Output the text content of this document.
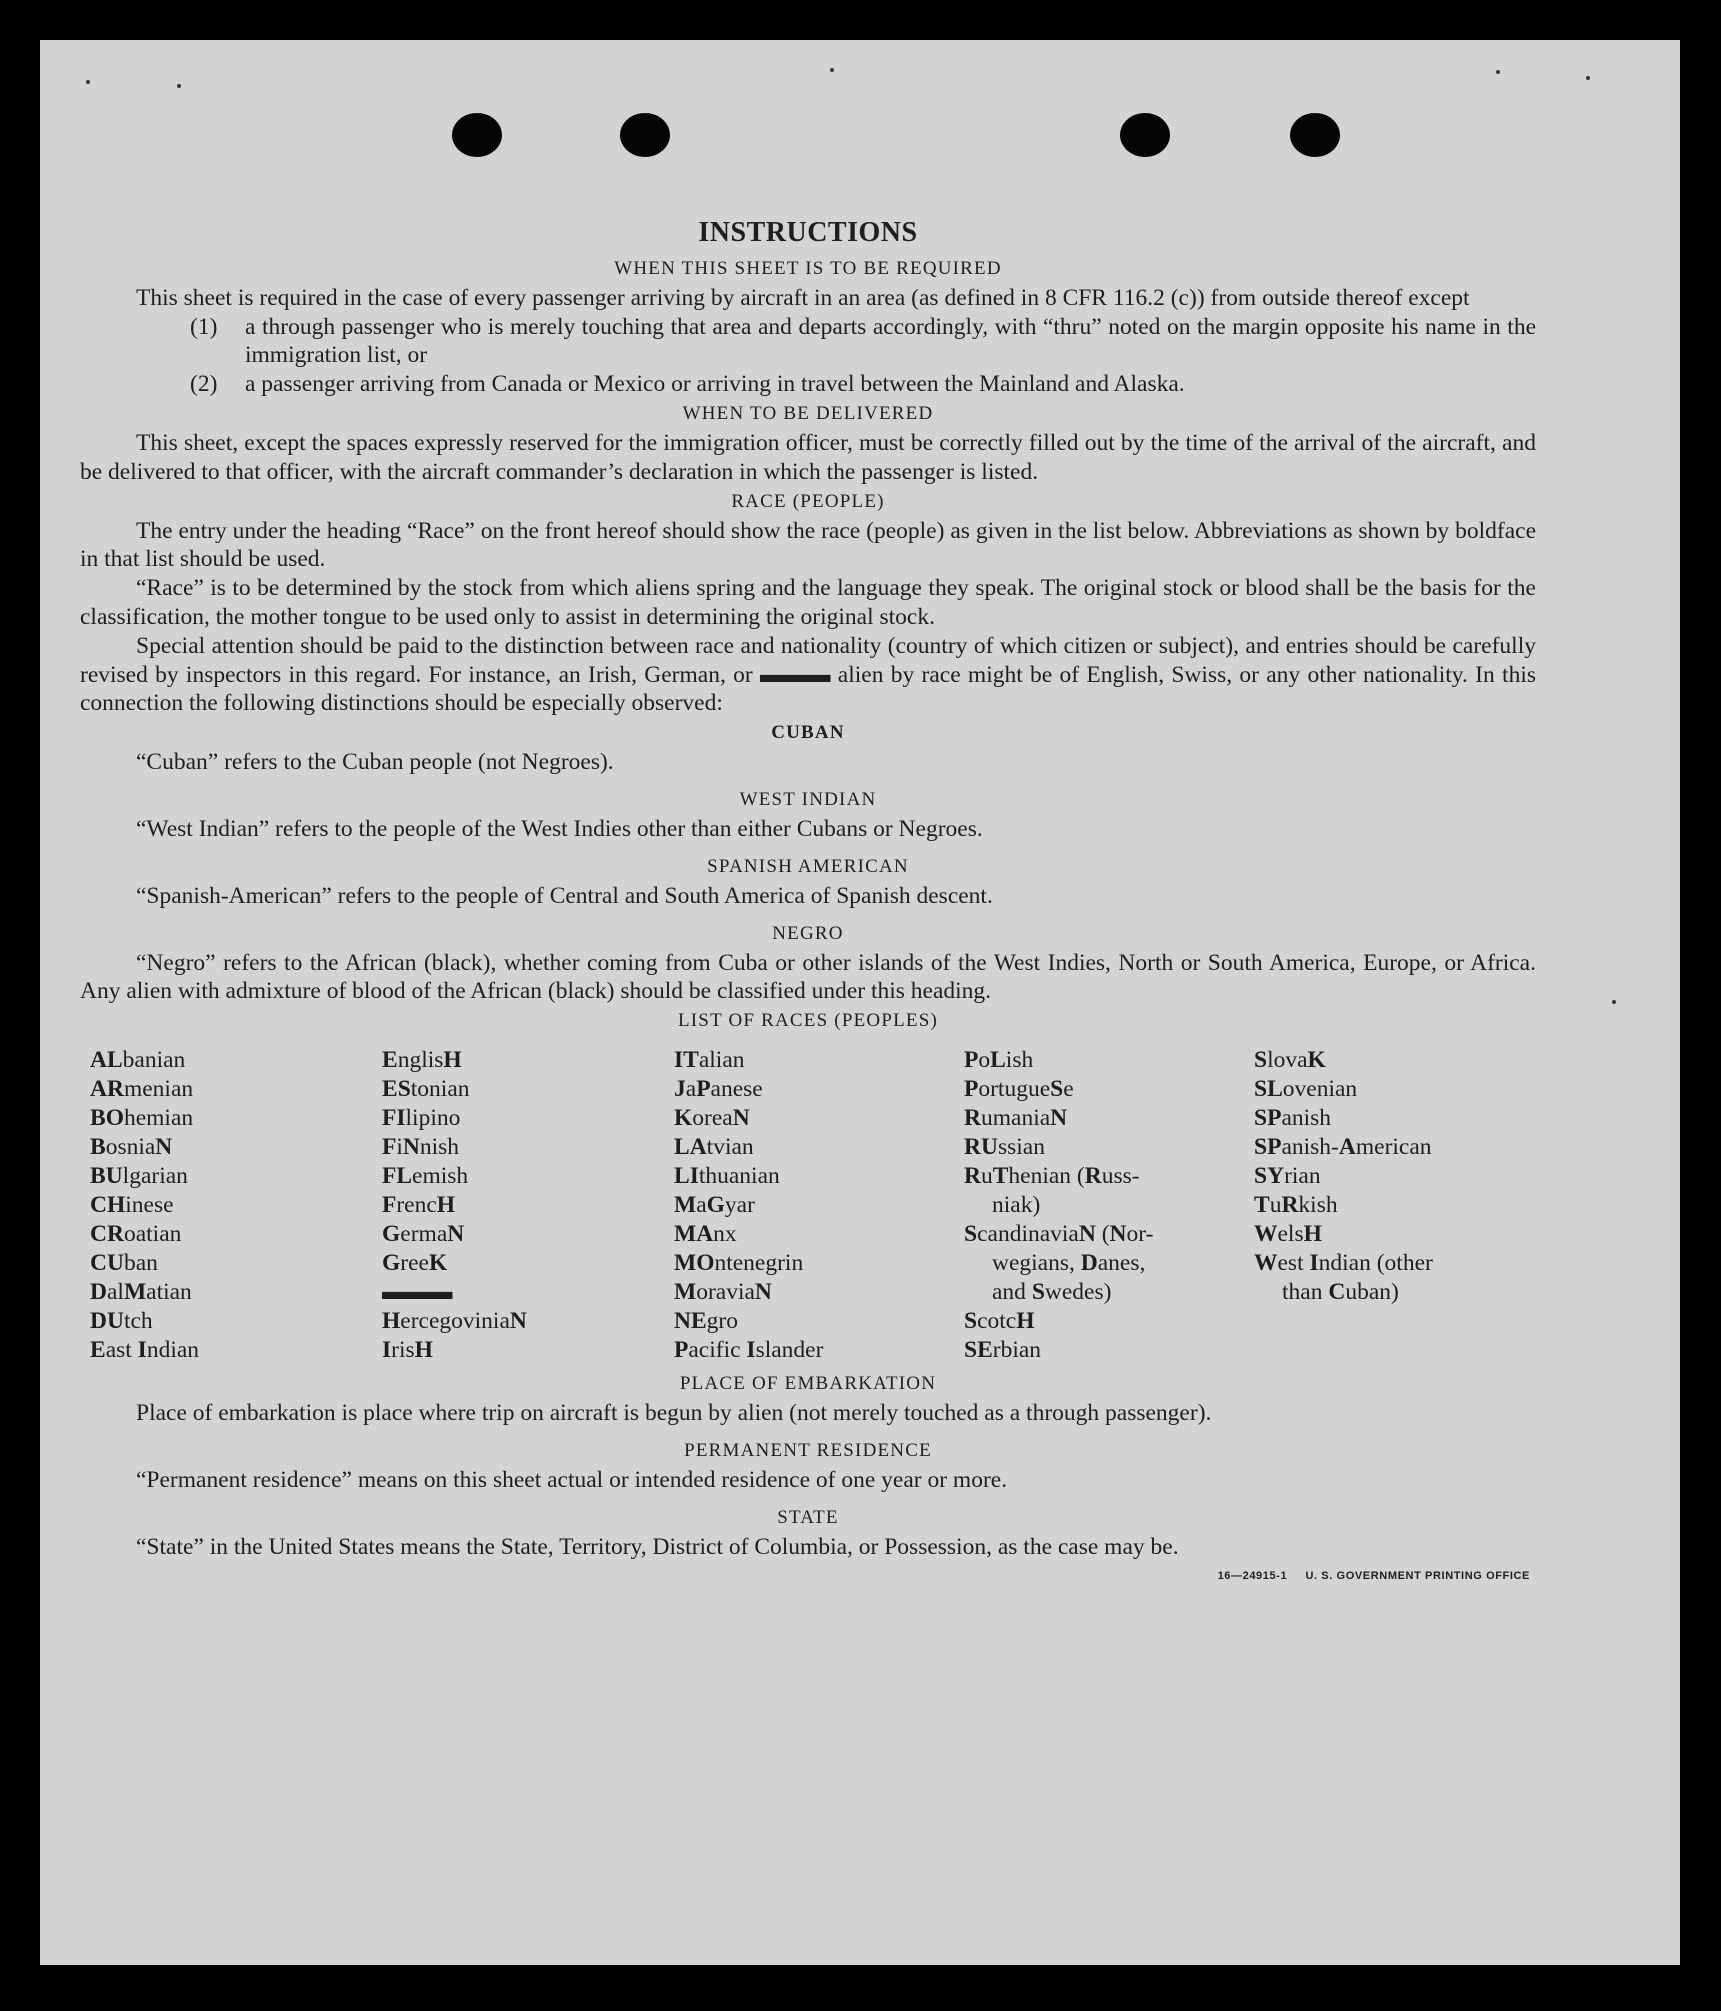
INSTRUCTIONS
WHEN THIS SHEET IS TO BE REQUIRED

This sheet is required in the case of every passenger arriving by aircraft in an area (as defined in 8 CFR 116.2 (c)) from outside thereof except

(1)	a through passenger who is merely touching that area and departs accordingly, with “thru” noted on the margin opposite his name in the immigration list, or
(2)	a passenger arriving from Canada or Mexico or arriving in travel between the Mainland and Alaska.
WHEN TO BE DELIVERED

This sheet, except the spaces expressly reserved for the immigration officer, must be correctly filled out by the time of the arrival of the aircraft, and be delivered to that officer, with the aircraft commander’s declaration in which the passenger is listed.

RACE (PEOPLE)

The entry under the heading “Race” on the front hereof should show the race (people) as given in the list below. Abbreviations as shown by boldface in that list should be used.

“Race” is to be determined by the stock from which aliens spring and the language they speak. The original stock or blood shall be the basis for the classification, the mother tongue to be used only to assist in determining the original stock.

Special attention should be paid to the distinction between race and nationality (country of which citizen or subject), and entries should be carefully revised by inspectors in this regard. For instance, an Irish, German, or ▬▬▬ alien by race might be of English, Swiss, or any other nationality. In this connection the following distinctions should be especially observed:

CUBAN

“Cuban” refers to the Cuban people (not Negroes).

WEST INDIAN

“West Indian” refers to the people of the West Indies other than either Cubans or Negroes.

SPANISH AMERICAN

“Spanish-American” refers to the people of Central and South America of Spanish descent.

NEGRO

“Negro” refers to the African (black), whether coming from Cuba or other islands of the West Indies, North or South America, Europe, or Africa. Any alien with admixture of blood of the African (black) should be classified under this heading.

LIST OF RACES (PEOPLES)
ALbanian
ARmenian
BOhemian
BosniaN
BUlgarian
CHinese
CRoatian
CUban
DalMatian
DUtch
East Indian
EnglisH
EStonian
FIlipino
FiNnish
FLemish
FrencH
GermaN
GreeK
▬▬▬
HercegoviniaN
IrisH
ITalian
JaPanese
KoreaN
LAtvian
LIthuanian
MaGyar
MAnx
MOntenegrin
MoraviaN
NEgro
Pacific Islander
PoLish
PortugueSe
RumaniaN
RUssian
RuThenian (Russ-
niak)
ScandinaviaN (Nor-
wegians, Danes,
and Swedes)
ScotcH
SErbian
SlovaK
SLovenian
SPanish
SPanish-American
SYrian
TuRkish
WelsH
West Indian (other
than Cuban)
PLACE OF EMBARKATION

Place of embarkation is place where trip on aircraft is begun by alien (not merely touched as a through passenger).

PERMANENT RESIDENCE

“Permanent residence” means on this sheet actual or intended residence of one year or more.

STATE

“State” in the United States means the State, Territory, District of Columbia, or Possession, as the case may be.

16—24915-1 U. S. GOVERNMENT PRINTING OFFICE
